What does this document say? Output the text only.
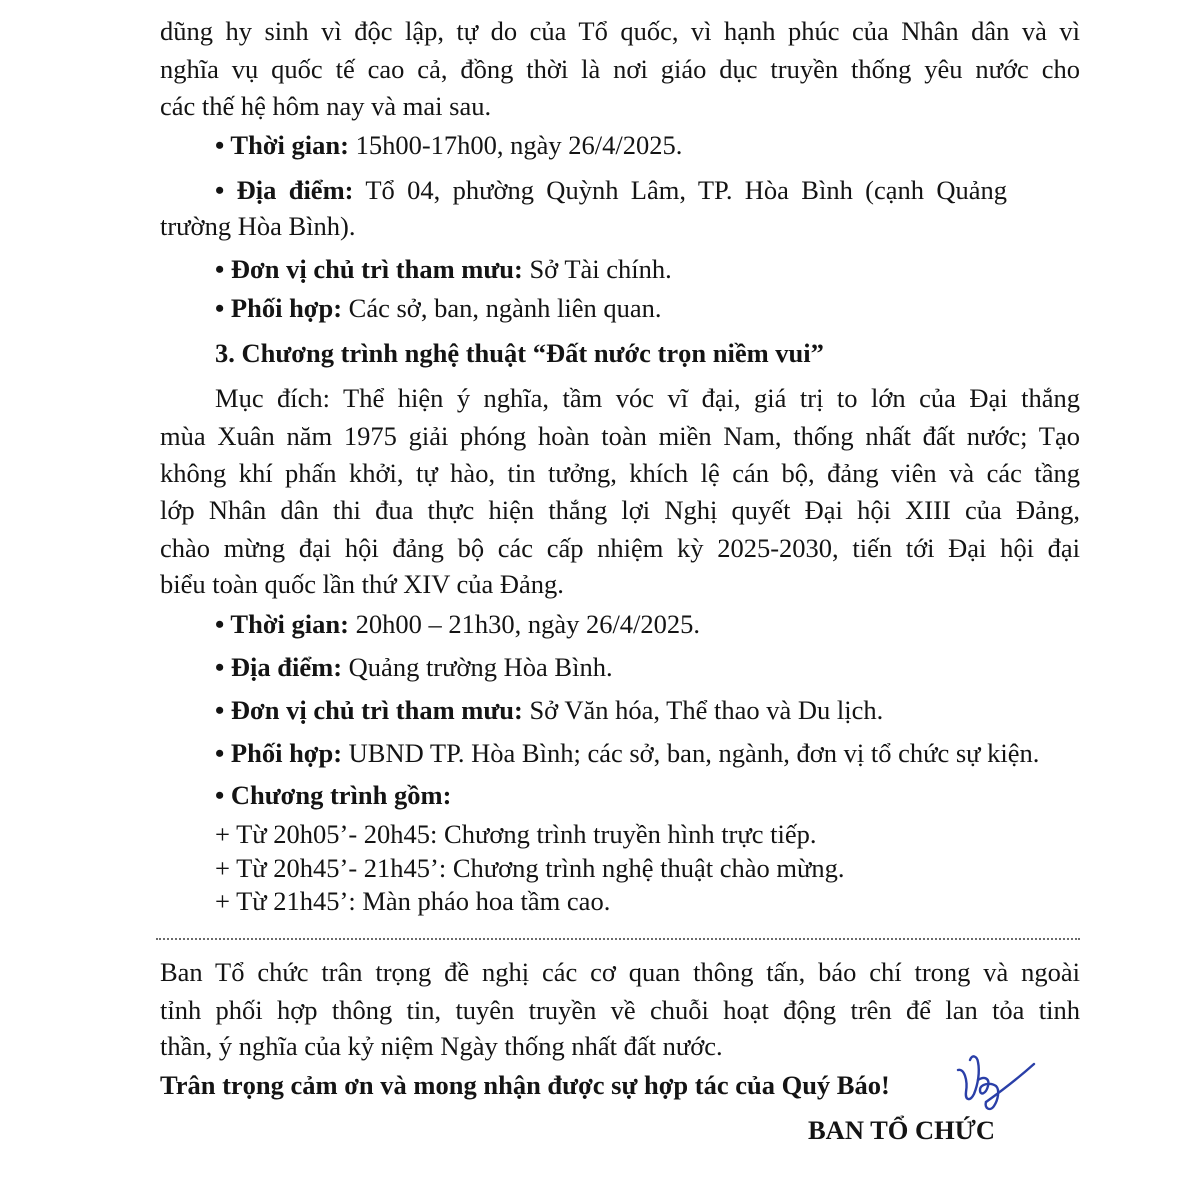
dũng hy sinh vì độc lập, tự do của Tổ quốc, vì hạnh phúc của Nhân dân và vì
nghĩa vụ quốc tế cao cả, đồng thời là nơi giáo dục truyền thống yêu nước cho
các thế hệ hôm nay và mai sau.
• Thời gian: 15h00-17h00, ngày 26/4/2025.
• Địa điểm: Tổ 04, phường Quỳnh Lâm, TP. Hòa Bình (cạnh Quảng
trường Hòa Bình).
• Đơn vị chủ trì tham mưu: Sở Tài chính.
• Phối hợp: Các sở, ban, ngành liên quan.
3. Chương trình nghệ thuật “Đất nước trọn niềm vui”
Mục đích: Thể hiện ý nghĩa, tầm vóc vĩ đại, giá trị to lớn của Đại thắng
mùa Xuân năm 1975 giải phóng hoàn toàn miền Nam, thống nhất đất nước; Tạo
không khí phấn khởi, tự hào, tin tưởng, khích lệ cán bộ, đảng viên và các tầng
lớp Nhân dân thi đua thực hiện thắng lợi Nghị quyết Đại hội XIII của Đảng,
chào mừng đại hội đảng bộ các cấp nhiệm kỳ 2025-2030, tiến tới Đại hội đại
biểu toàn quốc lần thứ XIV của Đảng.
• Thời gian: 20h00 – 21h30, ngày 26/4/2025.
• Địa điểm: Quảng trường Hòa Bình.
• Đơn vị chủ trì tham mưu: Sở Văn hóa, Thể thao và Du lịch.
• Phối hợp: UBND TP. Hòa Bình; các sở, ban, ngành, đơn vị tổ chức sự kiện.
• Chương trình gồm:
+ Từ 20h05’- 20h45: Chương trình truyền hình trực tiếp.
+ Từ 20h45’- 21h45’: Chương trình nghệ thuật chào mừng.
+ Từ 21h45’: Màn pháo hoa tầm cao.
Ban Tổ chức trân trọng đề nghị các cơ quan thông tấn, báo chí trong và ngoài
tỉnh phối hợp thông tin, tuyên truyền về chuỗi hoạt động trên để lan tỏa tinh
thần, ý nghĩa của kỷ niệm Ngày thống nhất đất nước.
Trân trọng cảm ơn và mong nhận được sự hợp tác của Quý Báo!
BAN TỔ CHỨC
